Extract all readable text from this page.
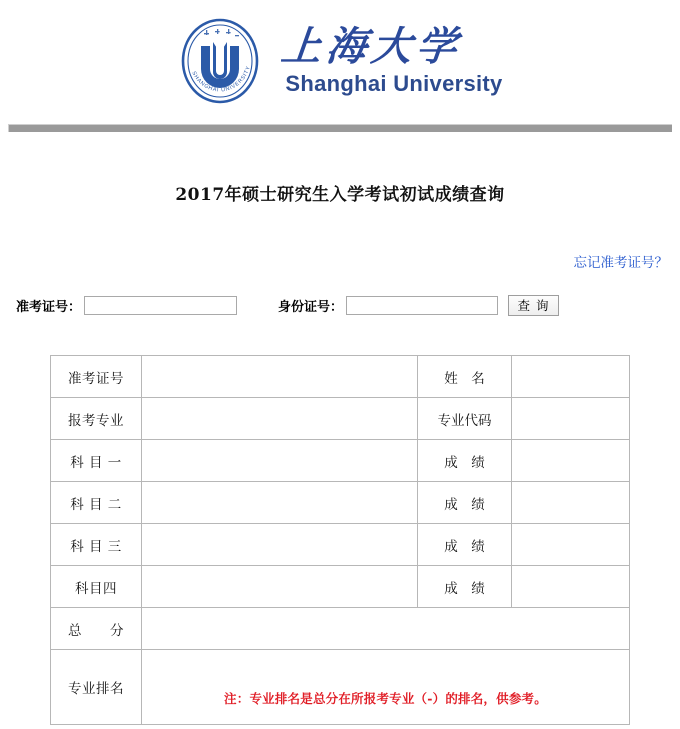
SHANGHAI UNIVERSITY 上海大学
Shanghai University
2017年硕士研究生入学考试初试成绩查询
忘记准考证号？
准考证号：	身份证号：	查 询
准考证号		姓　名	
报考专业		专业代码	
科 目 一		成　绩	
科 目 二		成　绩	
科 目 三		成　绩	
科目四		成　绩	
总　　分			
专业排名	注：专业排名是总分在所报考专业（-）的排名，供参考。		
